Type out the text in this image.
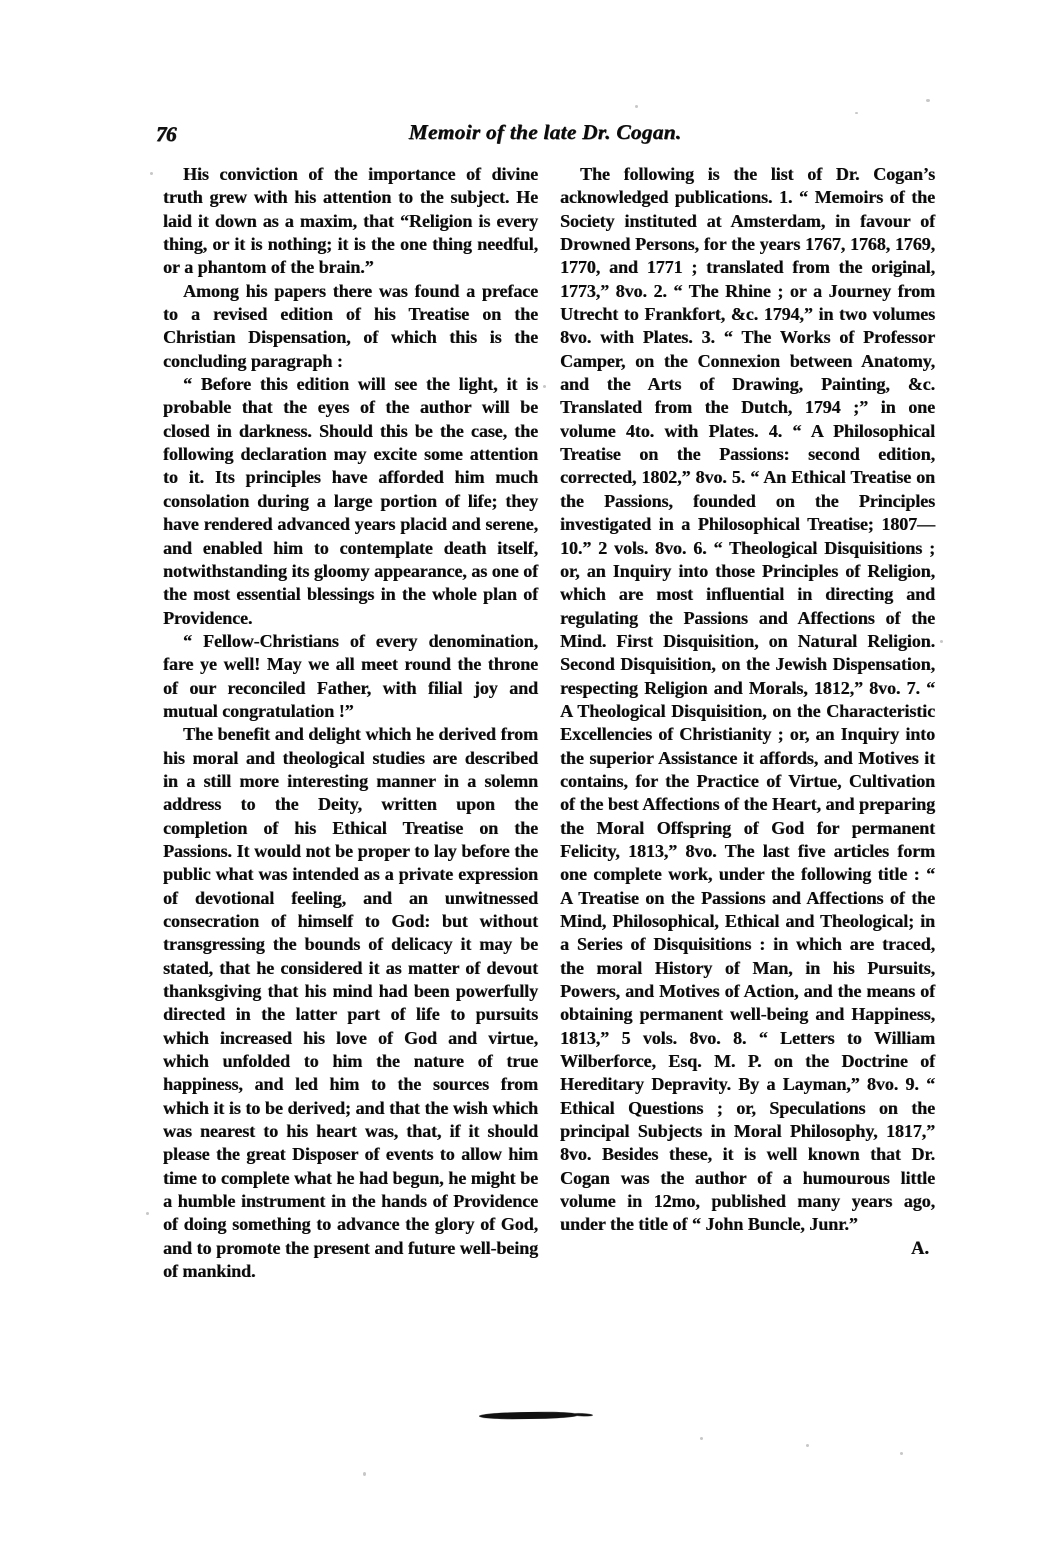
76	Memoir of the late Dr. Cogan.

His conviction of the importance of divine truth grew with his attention to the subject. He laid it down as a maxim, that “Religion is every thing, or it is nothing; it is the one thing needful, or a phantom of the brain.”

Among his papers there was found a preface to a revised edition of his Treatise on the Christian Dispensation, of which this is the concluding paragraph :

“ Before this edition will see the light, it is probable that the eyes of the author will be closed in darkness. Should this be the case, the following declaration may excite some attention to it. Its principles have afforded him much consolation during a large portion of life; they have rendered advanced years placid and serene, and enabled him to contemplate death itself, notwithstanding its gloomy appearance, as one of the most essential blessings in the whole plan of Providence.

“ Fellow-Christians of every denomination, fare ye well! May we all meet round the throne of our reconciled Father, with filial joy and mutual congratulation !”

The benefit and delight which he derived from his moral and theological studies are described in a still more interesting manner in a solemn address to the Deity, written upon the completion of his Ethical Treatise on the Passions. It would not be proper to lay before the public what was intended as a private expression of devotional feeling, and an unwitnessed consecration of himself to God: but without transgressing the bounds of delicacy it may be stated, that he considered it as matter of devout thanksgiving that his mind had been powerfully directed in the latter part of life to pursuits which increased his love of God and virtue, which unfolded to him the nature of true happiness, and led him to the sources from which it is to be derived; and that the wish which was nearest to his heart was, that, if it should please the great Disposer of events to allow him time to complete what he had begun, he might be a humble instrument in the hands of Providence of doing something to advance the glory of God, and to promote the present and future well-being of mankind.

The following is the list of Dr. Cogan’s acknowledged publications. 1. “ Memoirs of the Society instituted at Amsterdam, in favour of Drowned Persons, for the years 1767, 1768, 1769, 1770, and 1771 ; translated from the original, 1773,” 8vo. 2. “ The Rhine ; or a Journey from Utrecht to Frankfort, &c. 1794,” in two volumes 8vo. with Plates. 3. “ The Works of Professor Camper, on the Connexion between Anatomy, and the Arts of Drawing, Painting, &c. Translated from the Dutch, 1794 ;” in one volume 4to. with Plates. 4. “ A Philosophical Treatise on the Passions: second edition, corrected, 1802,” 8vo. 5. “ An Ethical Treatise on the Passions, founded on the Principles investigated in a Philosophical Treatise; 1807—10.” 2 vols. 8vo. 6. “ Theological Disquisitions ; or, an Inquiry into those Principles of Religion, which are most influential in directing and regulating the Passions and Affections of the Mind. First Disquisition, on Natural Religion. Second Disquisition, on the Jewish Dispensation, respecting Religion and Morals, 1812,” 8vo. 7. “ A Theological Disquisition, on the Characteristic Excellencies of Christianity ; or, an Inquiry into the superior Assistance it affords, and Motives it contains, for the Practice of Virtue, Cultivation of the best Affections of the Heart, and preparing the Moral Offspring of God for permanent Felicity, 1813,” 8vo. The last five articles form one complete work, under the following title : “ A Treatise on the Passions and Affections of the Mind, Philosophical, Ethical and Theological; in a Series of Disquisitions : in which are traced, the moral History of Man, in his Pursuits, Powers, and Motives of Action, and the means of obtaining permanent well-being and Happiness, 1813,” 5 vols. 8vo. 8. “ Letters to William Wilberforce, Esq. M. P. on the Doctrine of Hereditary Depravity. By a Layman,” 8vo. 9. “ Ethical Questions ; or, Speculations on the principal Subjects in Moral Philosophy, 1817,” 8vo. Besides these, it is well known that Dr. Cogan was the author of a humourous little volume in 12mo, published many years ago, under the title of “ John Buncle, Junr.”

A.
